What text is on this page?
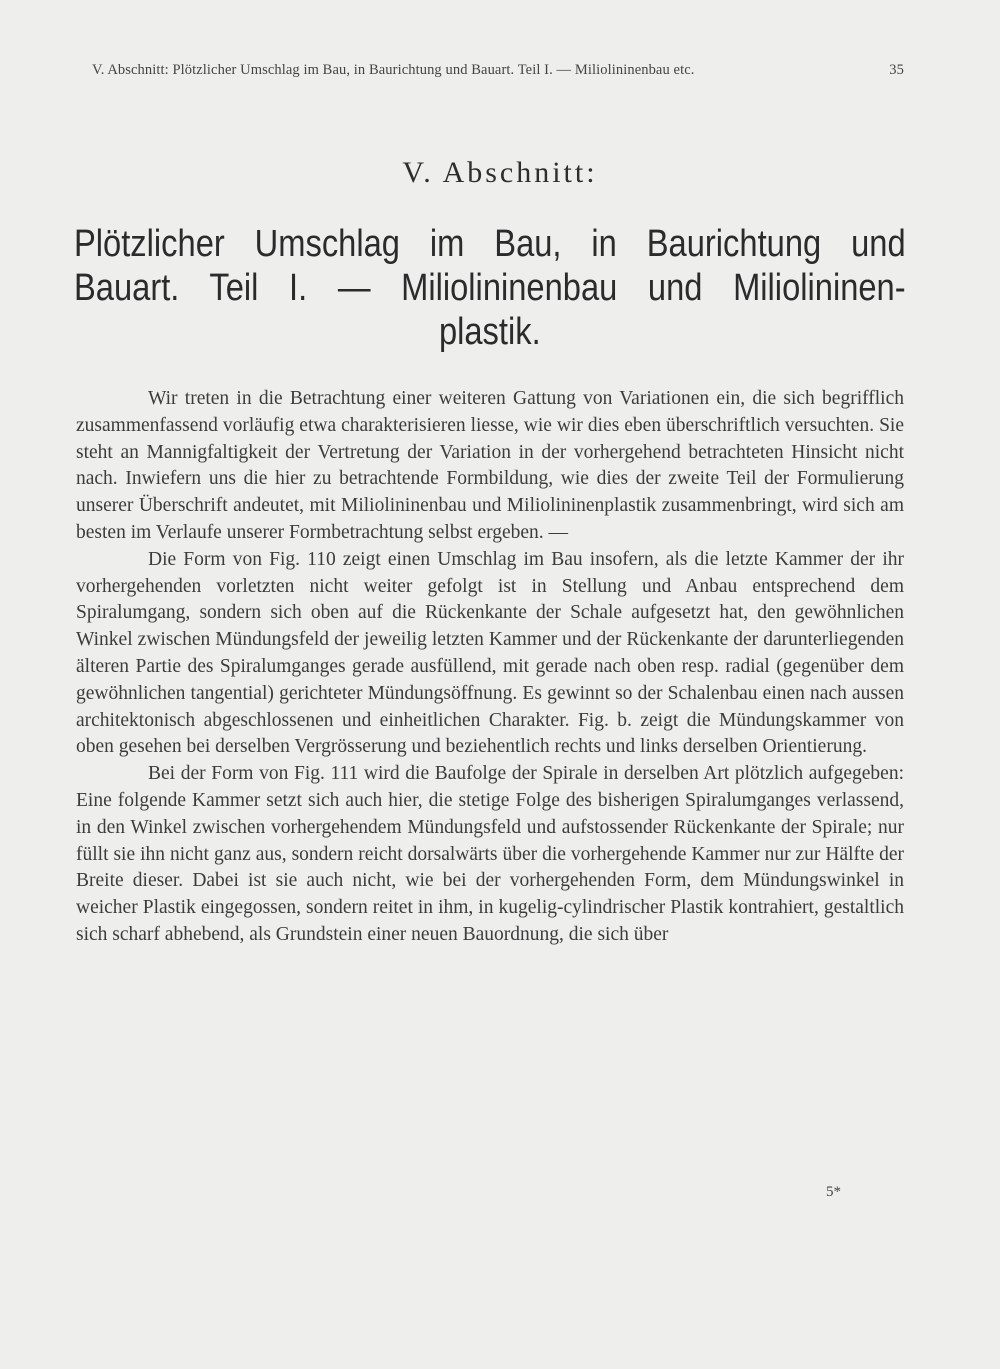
V. Abschnitt: Plötzlicher Umschlag im Bau, in Baurichtung und Bauart. Teil I. — Miliolininenbau etc.	35
V. Abschnitt:
Plötzlicher Umschlag im Bau, in Baurichtung und
Bauart. Teil I. — Miliolininenbau und Miliolininen-
plastik.

Wir treten in die Betrachtung einer weiteren Gattung von Variationen ein, die sich begrifflich zusammenfassend vorläufig etwa charakterisieren liesse, wie wir dies eben überschriftlich versuchten. Sie steht an Mannigfaltigkeit der Vertretung der Variation in der vorhergehend betrachteten Hinsicht nicht nach. Inwiefern uns die hier zu betrachtende Formbildung, wie dies der zweite Teil der Formulierung unserer Überschrift andeutet, mit Miliolininenbau und Miliolininenplastik zusammenbringt, wird sich am besten im Verlaufe unserer Formbetrachtung selbst ergeben. —

Die Form von Fig. 110 zeigt einen Umschlag im Bau insofern, als die letzte Kammer der ihr vorhergehenden vorletzten nicht weiter gefolgt ist in Stellung und Anbau entsprechend dem Spiralumgang, sondern sich oben auf die Rückenkante der Schale aufgesetzt hat, den gewöhnlichen Winkel zwischen Mündungsfeld der jeweilig letzten Kammer und der Rückenkante der darunterliegenden älteren Partie des Spiralumganges gerade ausfüllend, mit gerade nach oben resp. radial (gegenüber dem gewöhnlichen tangential) gerichteter Mündungsöffnung. Es gewinnt so der Schalenbau einen nach aussen architektonisch abgeschlossenen und einheitlichen Charakter. Fig. b. zeigt die Mündungskammer von oben gesehen bei derselben Vergrösserung und beziehentlich rechts und links derselben Orientierung.

Bei der Form von Fig. 111 wird die Baufolge der Spirale in derselben Art plötzlich aufgegeben: Eine folgende Kammer setzt sich auch hier, die stetige Folge des bisherigen Spiralumganges verlassend, in den Winkel zwischen vorhergehendem Mündungsfeld und aufstossender Rückenkante der Spirale; nur füllt sie ihn nicht ganz aus, sondern reicht dorsalwärts über die vorhergehende Kammer nur zur Hälfte der Breite dieser. Dabei ist sie auch nicht, wie bei der vorhergehenden Form, dem Mündungswinkel in weicher Plastik eingegossen, sondern reitet in ihm, in kugelig-cylindrischer Plastik kontrahiert, gestaltlich sich scharf abhebend, als Grundstein einer neuen Bauordnung, die sich über

5*
